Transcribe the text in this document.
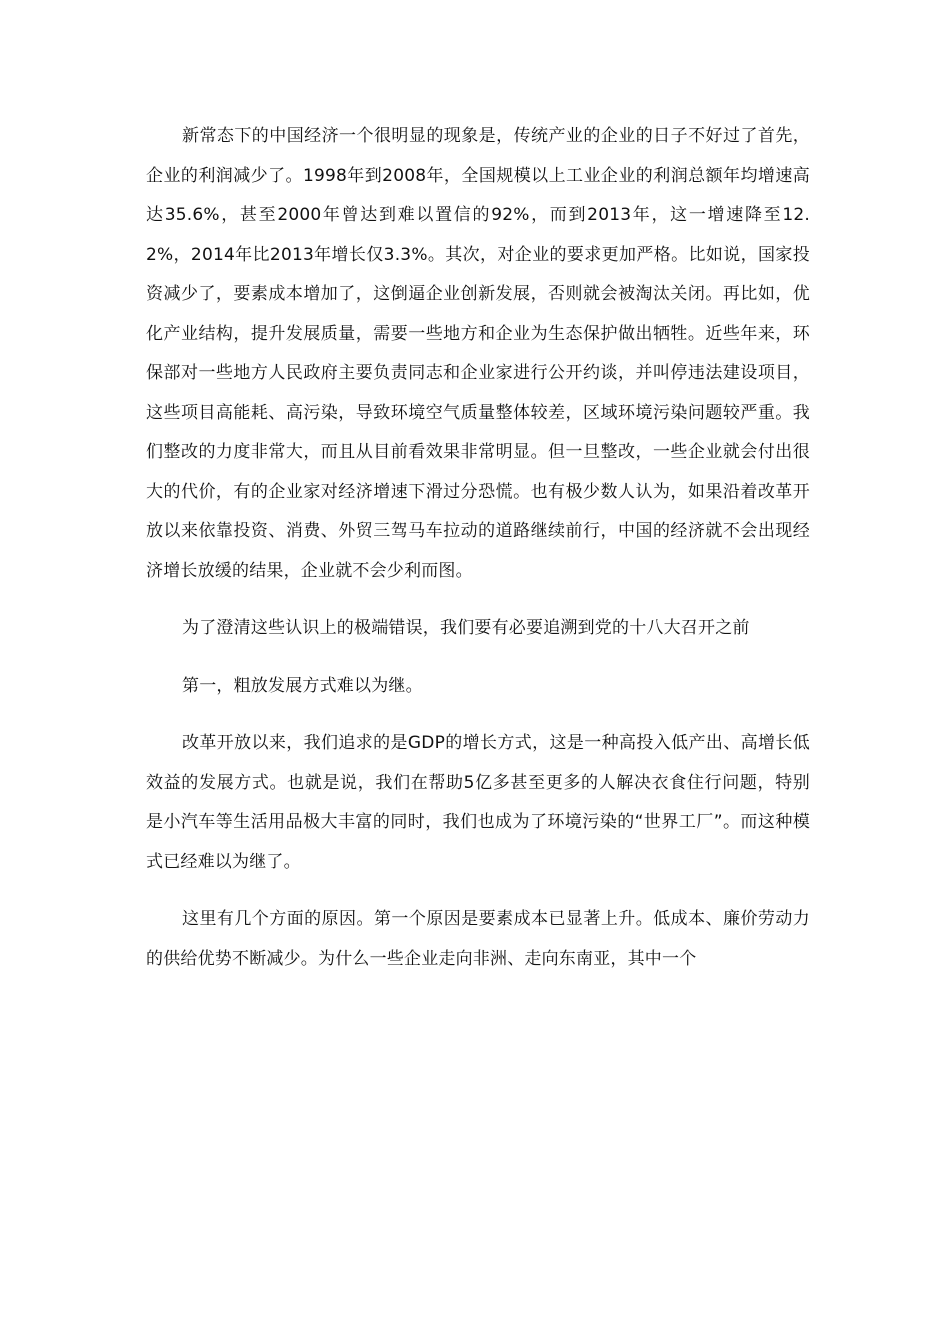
新常态下的中国经济一个很明显的现象是，传统产业的企业的日子不好过了首先，企业的利润减少了。1998年到2008年，全国规模以上工业企业的利润总额年均增速高达35.6%，甚至2000年曾达到难以置信的92%，而到2013年，这一增速降至12.2%，2014年比2013年增长仅3.3%。其次，对企业的要求更加严格。比如说，国家投资减少了，要素成本增加了，这倒逼企业创新发展，否则就会被淘汰关闭。再比如，优化产业结构，提升发展质量，需要一些地方和企业为生态保护做出牺牲。近些年来，环保部对一些地方人民政府主要负责同志和企业家进行公开约谈，并叫停违法建设项目，这些项目高能耗、高污染，导致环境空气质量整体较差，区域环境污染问题较严重。我们整改的力度非常大，而且从目前看效果非常明显。但一旦整改，一些企业就会付出很大的代价，有的企业家对经济增速下滑过分恐慌。也有极少数人认为，如果沿着改革开放以来依靠投资、消费、外贸三驾马车拉动的道路继续前行，中国的经济就不会出现经济增长放缓的结果，企业就不会少利而图。

为了澄清这些认识上的极端错误，我们要有必要追溯到党的十八大召开之前

第一，粗放发展方式难以为继。

改革开放以来，我们追求的是GDP的增长方式，这是一种高投入低产出、高增长低效益的发展方式。也就是说，我们在帮助5亿多甚至更多的人解决衣食住行问题，特别是小汽车等生活用品极大丰富的同时，我们也成为了环境污染的“世界工厂”。而这种模式已经难以为继了。

这里有几个方面的原因。第一个原因是要素成本已显著上升。低成本、廉价劳动力的供给优势不断减少。为什么一些企业走向非洲、走向东南亚，其中一个
